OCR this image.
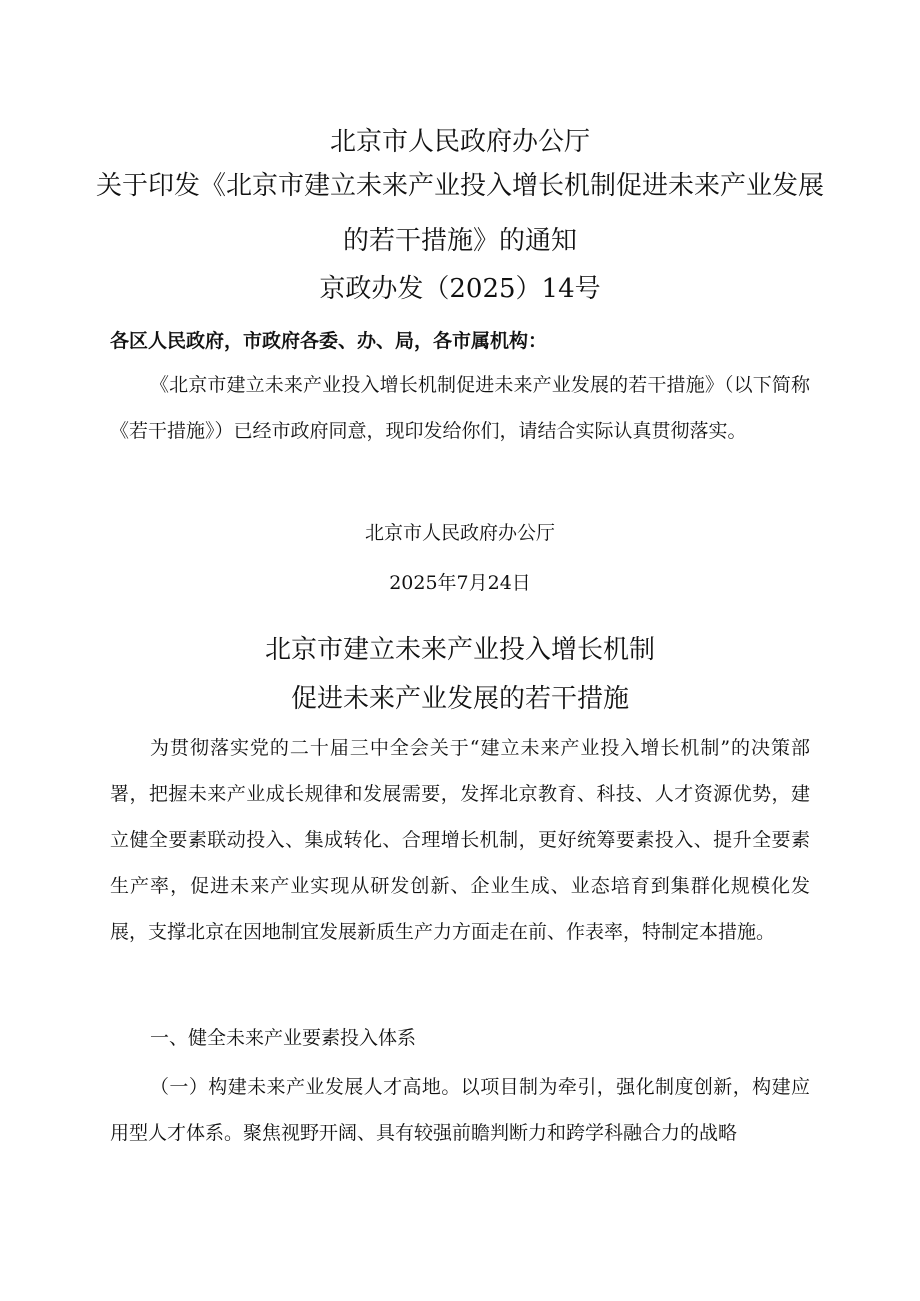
北京市人民政府办公厅
关于印发《北京市建立未来产业投入增长机制促进未来产业发展
的若干措施》的通知
京政办发（2025）14号
各区人民政府，市政府各委、办、局，各市属机构：
《北京市建立未来产业投入增长机制促进未来产业发展的若干措施》（以下简称《若干措施》）已经市政府同意，现印发给你们，请结合实际认真贯彻落实。
北京市人民政府办公厅
2025年7月24日
北京市建立未来产业投入增长机制
促进未来产业发展的若干措施
为贯彻落实党的二十届三中全会关于“建立未来产业投入增长机制”的决策部署，把握未来产业成长规律和发展需要，发挥北京教育、科技、人才资源优势，建立健全要素联动投入、集成转化、合理增长机制，更好统筹要素投入、提升全要素生产率，促进未来产业实现从研发创新、企业生成、业态培育到集群化规模化发展，支撑北京在因地制宜发展新质生产力方面走在前、作表率，特制定本措施。
一、健全未来产业要素投入体系
（一）构建未来产业发展人才高地。以项目制为牵引，强化制度创新，构建应用型人才体系。聚焦视野开阔、具有较强前瞻判断力和跨学科融合力的战略
